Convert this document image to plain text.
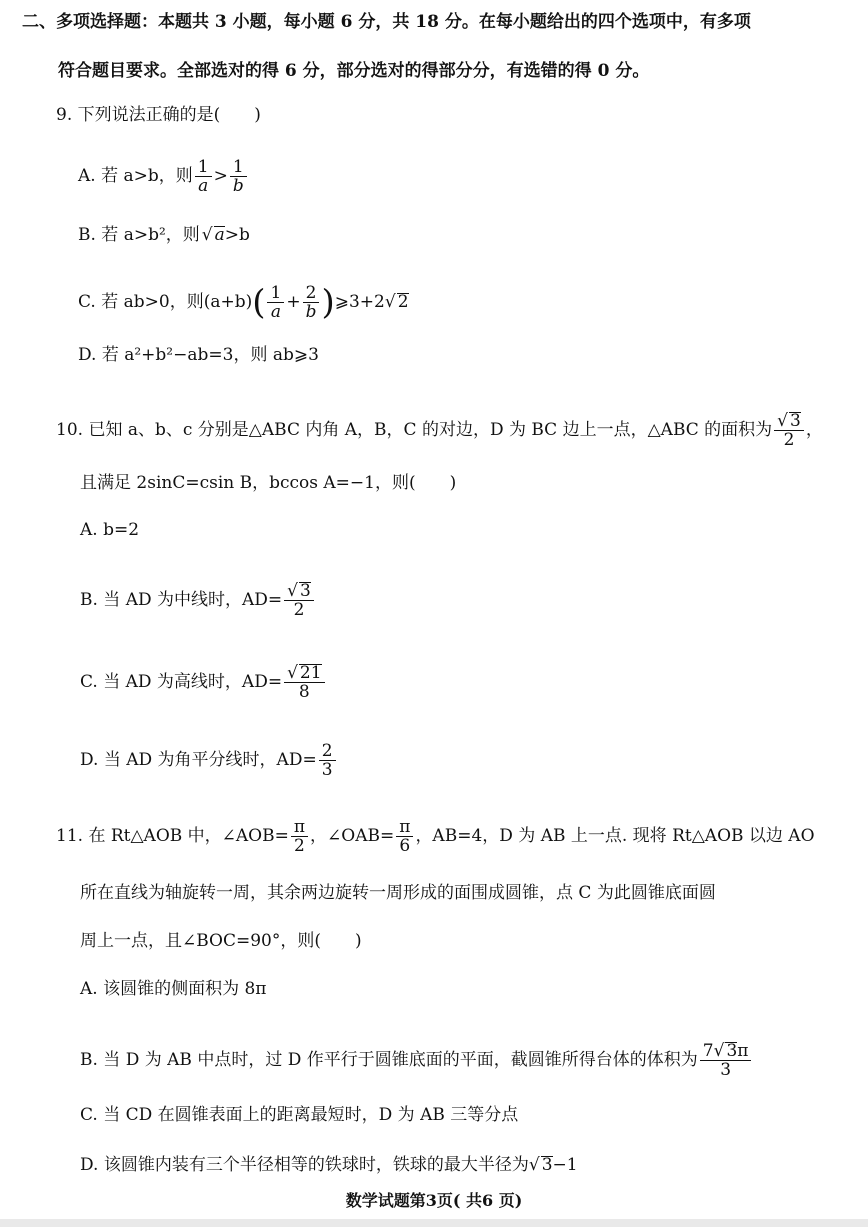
二、多项选择题：本题共 3 小题，每小题 6 分，共 18 分。在每小题给出的四个选项中，有多项
符合题目要求。全部选对的得 6 分，部分选对的得部分分，有选错的得 0 分。
9. 下列说法正确的是(　　)
A. 若 a>b，则 $\frac{1}{a} > \frac{1}{b}$
B. 若 a>b²，则 √ a>b
C. 若 ab>0，则$(a+b)( \frac{1}{a} + \frac{2}{b}$ )⩾3+2√ 2
D. 若 a²+b²−ab=3，则 ab⩾3
10. 已知 a、b、c 分别是△ABC 内角 A，B，C 的对边，D 为 BC 边上一点，△ABC 的面积为 $\frac{√ 3}{2}$ ，
且满足 2sinC=csin B，bccos A=−1，则(　　)
A. b=2
B. 当 AD 为中线时，$AD= \frac{√ 3}{2}$
C. 当 AD 为高线时，$AD= \frac{√ 21}{8}$
D. 当 AD 为角平分线时，$AD= \frac{2}{3}$
11. 在 Rt△AOB 中，∠AOB= $\frac{\pi}{2}$ ，∠OAB= $\frac{\pi}{6}$ ，AB=4，D 为 AB 上一点. 现将 Rt△AOB 以边 AO
所在直线为轴旋转一周，其余两边旋转一周形成的面围成圆锥，点 C 为此圆锥底面圆
周上一点，且∠BOC=90°，则(　　)
A. 该圆锥的侧面积为 8π
B. 当 D 为 AB 中点时，过 D 作平行于圆锥底面的平面，截圆锥所得台体的体积为 $\frac{7√ 3\pi}{3}$
C. 当 CD 在圆锥表面上的距离最短时，D 为 AB 三等分点
D. 该圆锥内装有三个半径相等的铁球时，铁球的最大半径为√ 3−1
数学试题第3页( 共6 页)
